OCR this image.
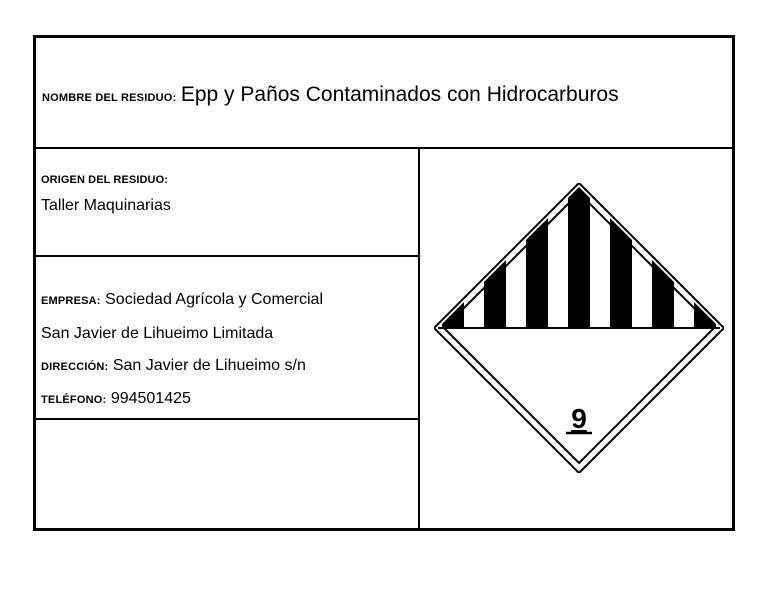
NOMBRE DEL RESIDUO: Epp y Paños Contaminados con Hidrocarburos
ORIGEN DEL RESIDUO:
Taller Maquinarias
EMPRESA: Sociedad Agrícola y Comercial
San Javier de Lihueimo Limitada
DIRECCIÓN: San Javier de Lihueimo s/n
TELÉFONO: 994501425
9
